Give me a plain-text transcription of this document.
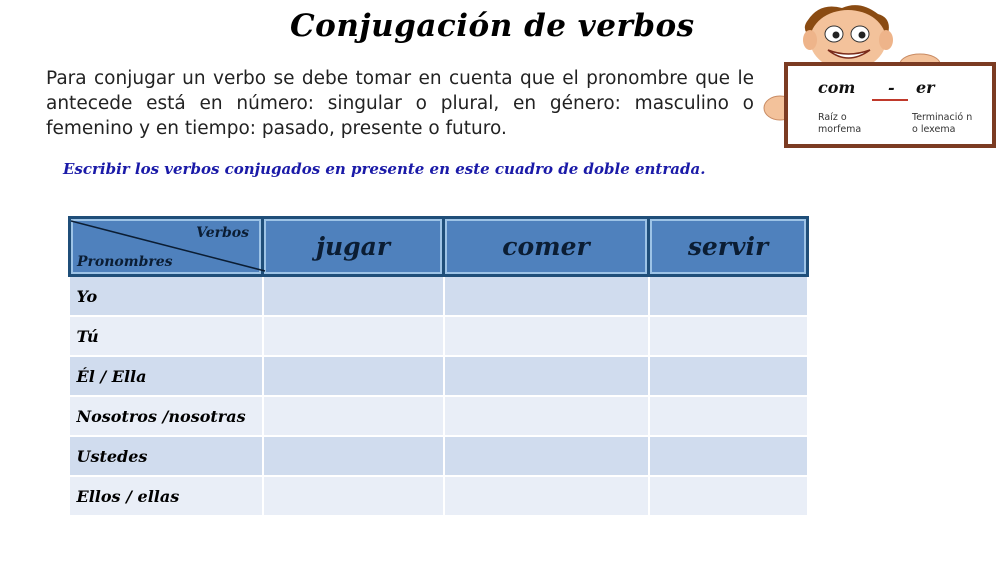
Conjugación de verbos
Para conjugar un verbo se debe tomar en cuenta que el pronombre que le antecede está en número: singular o plural, en género: masculino o femenino y en tiempo: pasado, presente o futuro.
com - er
Raíz o morfema
Terminació n o lexema
Escribir los verbos conjugados en presente en este cuadro de doble entrada.
Verbos
Pronombres	jugar	comer	servir
Yo			
Tú			
Él / Ella			
Nosotros /nosotras			
Ustedes			
Ellos / ellas			
